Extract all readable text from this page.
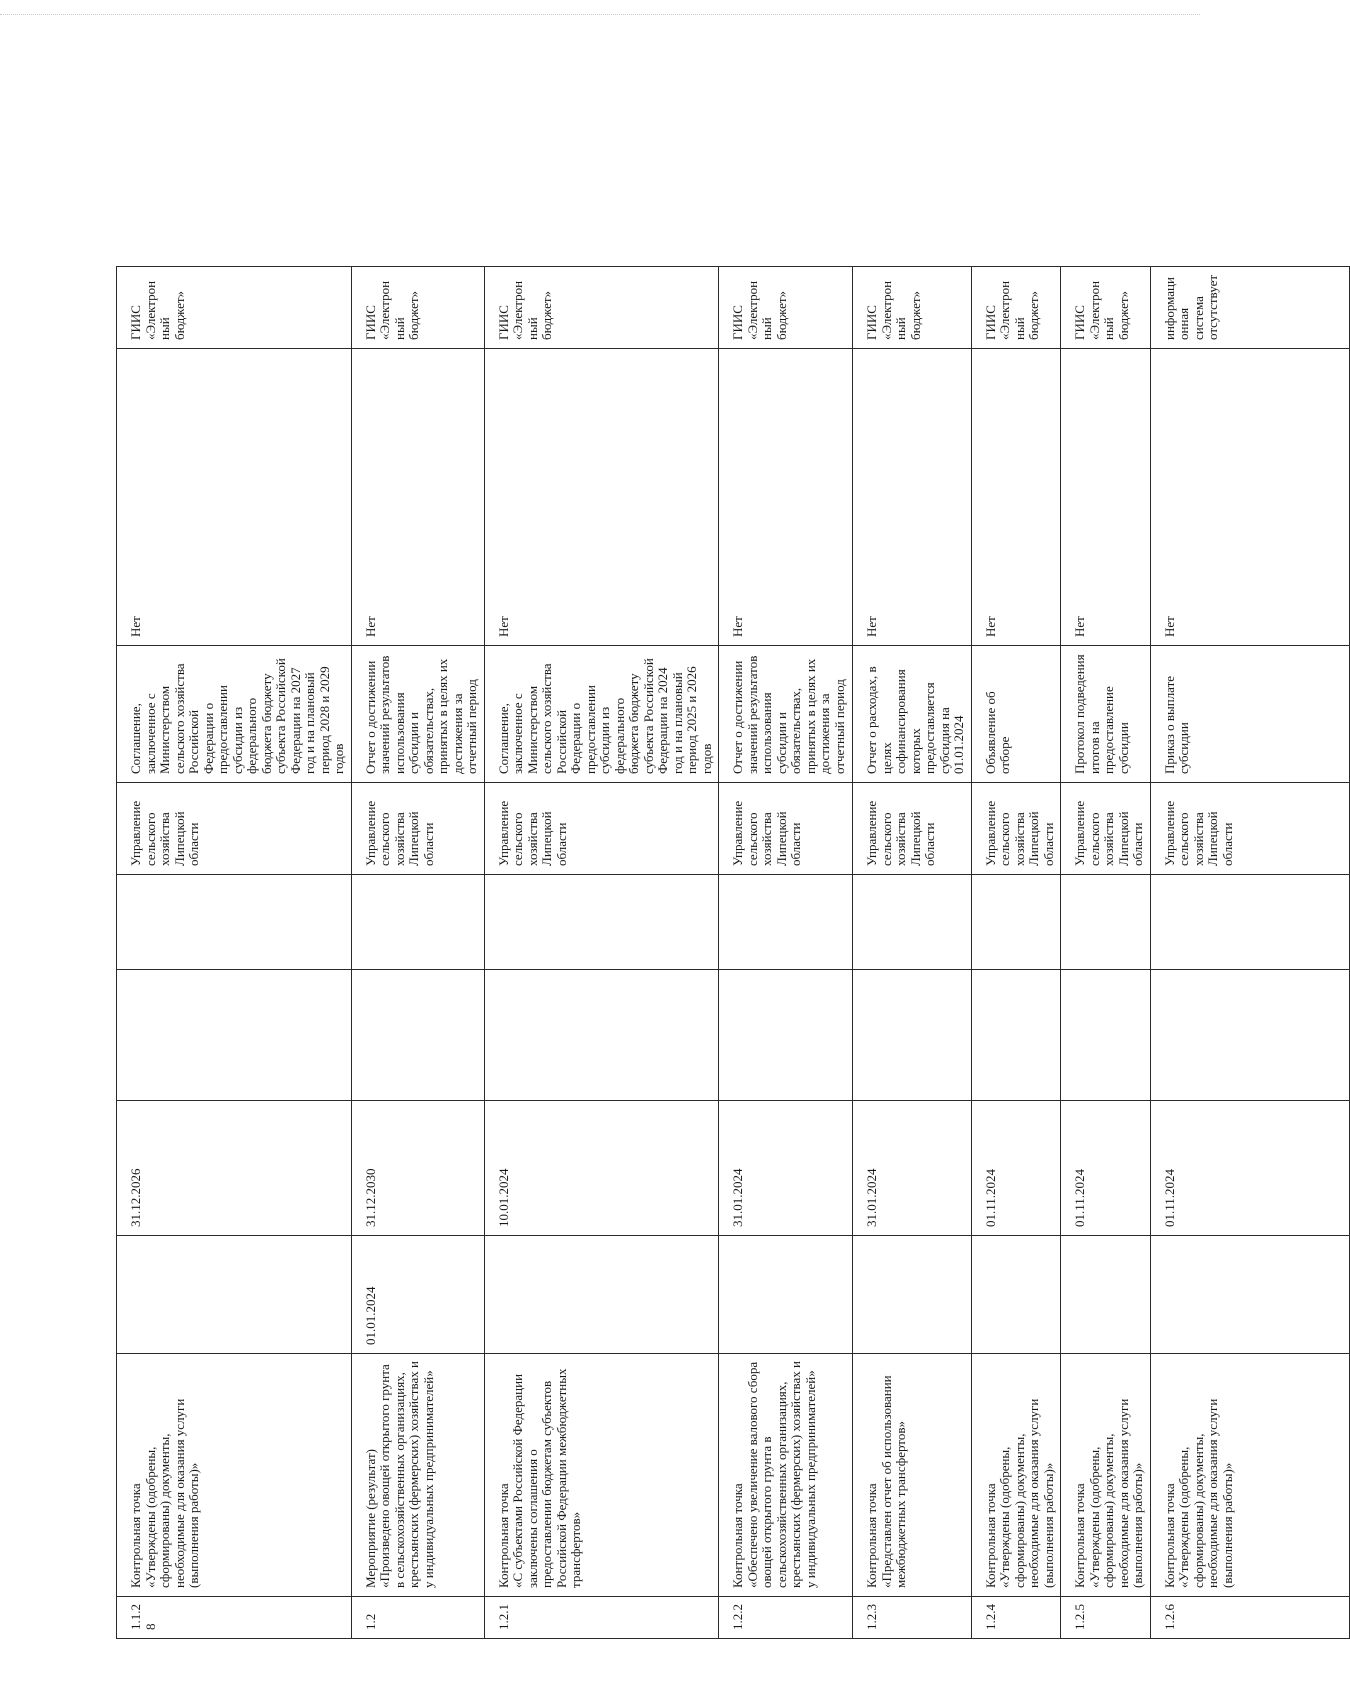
1.1.28	Контрольная точка «Утверждены (одобрены, сформированы) документы, необходимые для оказания услуги (выполнения работы)»		31.12.2026			Управление сельского хозяйства Липецкой области	Соглашение, заключенное с Министерством сельского хозяйства Российской Федерации о предоставлении субсидии из федерального бюджета бюджету субъекта Российской Федерации на 2027 год и на плановый период 2028 и 2029 годов	Нет	ГИИС «Электронный бюджет»
1.2	Мероприятие (результат) «Произведено овощей открытого грунта в сельскохозяйственных организациях, крестьянских (фермерских) хозяйствах и у индивидуальных предпринимателей»	01.01.2024	31.12.2030			Управление сельского хозяйства Липецкой области	Отчет о достижении значений результатов использования субсидии и обязательствах, принятых в целях их достижения за отчетный период	Нет	ГИИС «Электронный бюджет»
1.2.1	Контрольная точка «С субъектами Российской Федерации заключены соглашения о предоставлении бюджетам субъектов Российской Федерации межбюджетных трансфертов»		10.01.2024			Управление сельского хозяйства Липецкой области	Соглашение, заключенное с Министерством сельского хозяйства Российской Федерации о предоставлении субсидии из федерального бюджета бюджету субъекта Российской Федерации на 2024 год и на плановый период 2025 и 2026 годов	Нет	ГИИС «Электронный бюджет»
1.2.2	Контрольная точка «Обеспечено увеличение валового сбора овощей открытого грунта в сельскохозяйственных организациях, крестьянских (фермерских) хозяйствах и у индивидуальных предпринимателей»		31.01.2024			Управление сельского хозяйства Липецкой области	Отчет о достижении значений результатов использования субсидии и обязательствах, принятых в целях их достижения за отчетный период	Нет	ГИИС «Электронный бюджет»
1.2.3	Контрольная точка «Представлен отчет об использовании межбюджетных трансфертов»		31.01.2024			Управление сельского хозяйства Липецкой области	Отчет о расходах, в целях софинансирования которых предоставляется субсидия на 01.01.2024	Нет	ГИИС «Электронный бюджет»
1.2.4	Контрольная точка «Утверждены (одобрены, сформированы) документы, необходимые для оказания услуги (выполнения работы)»		01.11.2024			Управление сельского хозяйства Липецкой области	Объявление об отборе	Нет	ГИИС «Электронный бюджет»
1.2.5	Контрольная точка «Утверждены (одобрены, сформированы) документы, необходимые для оказания услуги (выполнения работы)»		01.11.2024			Управление сельского хозяйства Липецкой области	Протокол подведения итогов на предоставление субсидии	Нет	ГИИС «Электронный бюджет»
1.2.6	Контрольная точка «Утверждены (одобрены, сформированы) документы, необходимые для оказания услуги (выполнения работы)»		01.11.2024			Управление сельского хозяйства Липецкой области	Приказ о выплате субсидии	Нет	информационная система отсутствует
